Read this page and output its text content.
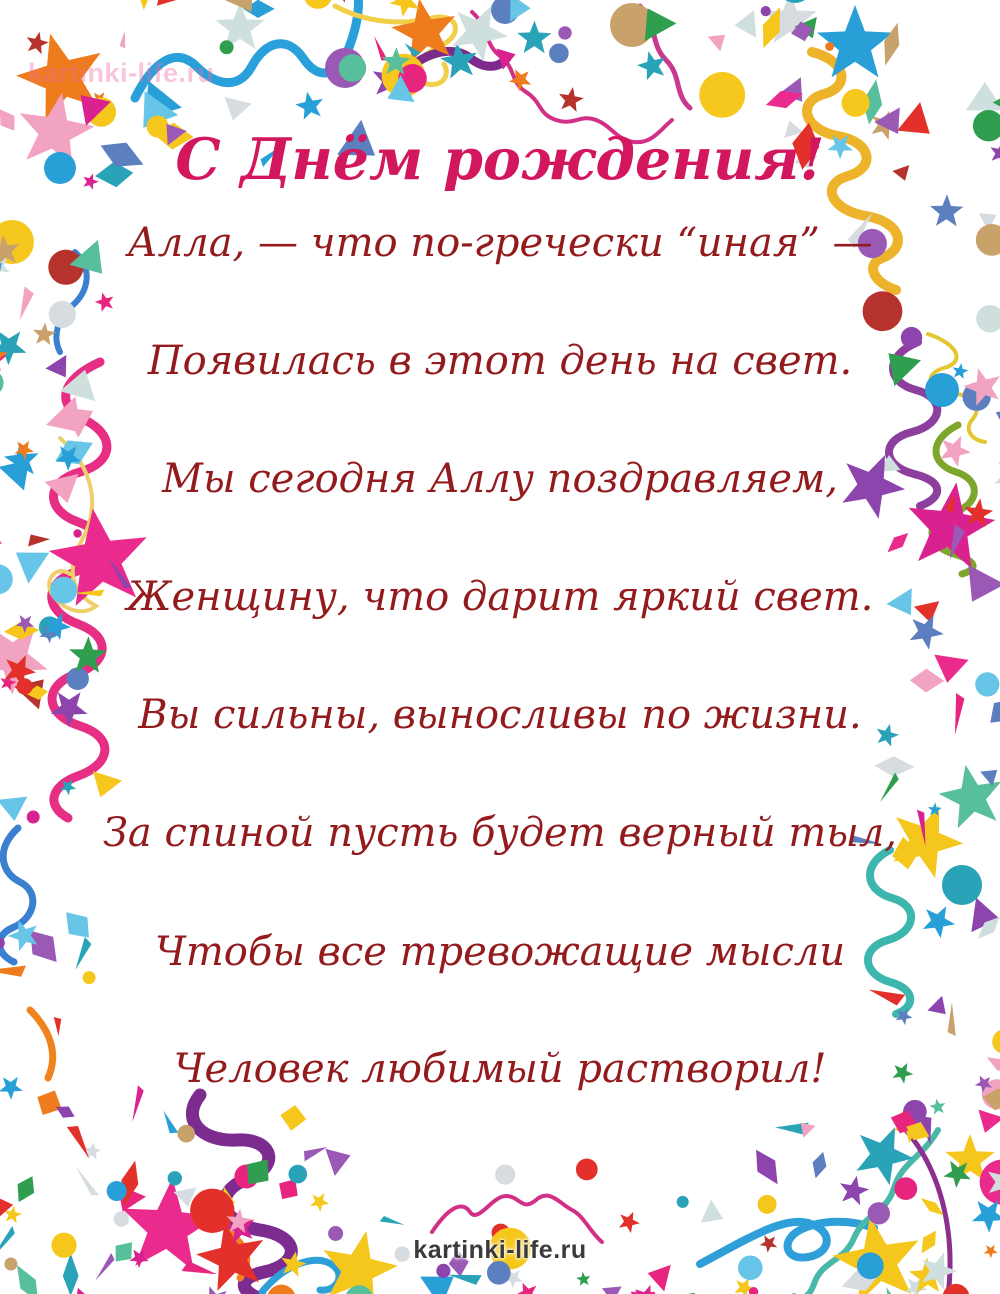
kartinki-life.ru
С Днём рождения!

Алла, — что по-гречески “иная” —

Появилась в этот день на свет.

Мы сегодня Аллу поздравляем,

Женщину, что дарит яркий свет.

Вы сильны, выносливы по жизни.

За спиной пусть будет верный тыл,

Чтобы все тревожащие мысли

Человек любимый растворил!

kartinki-life.ru
